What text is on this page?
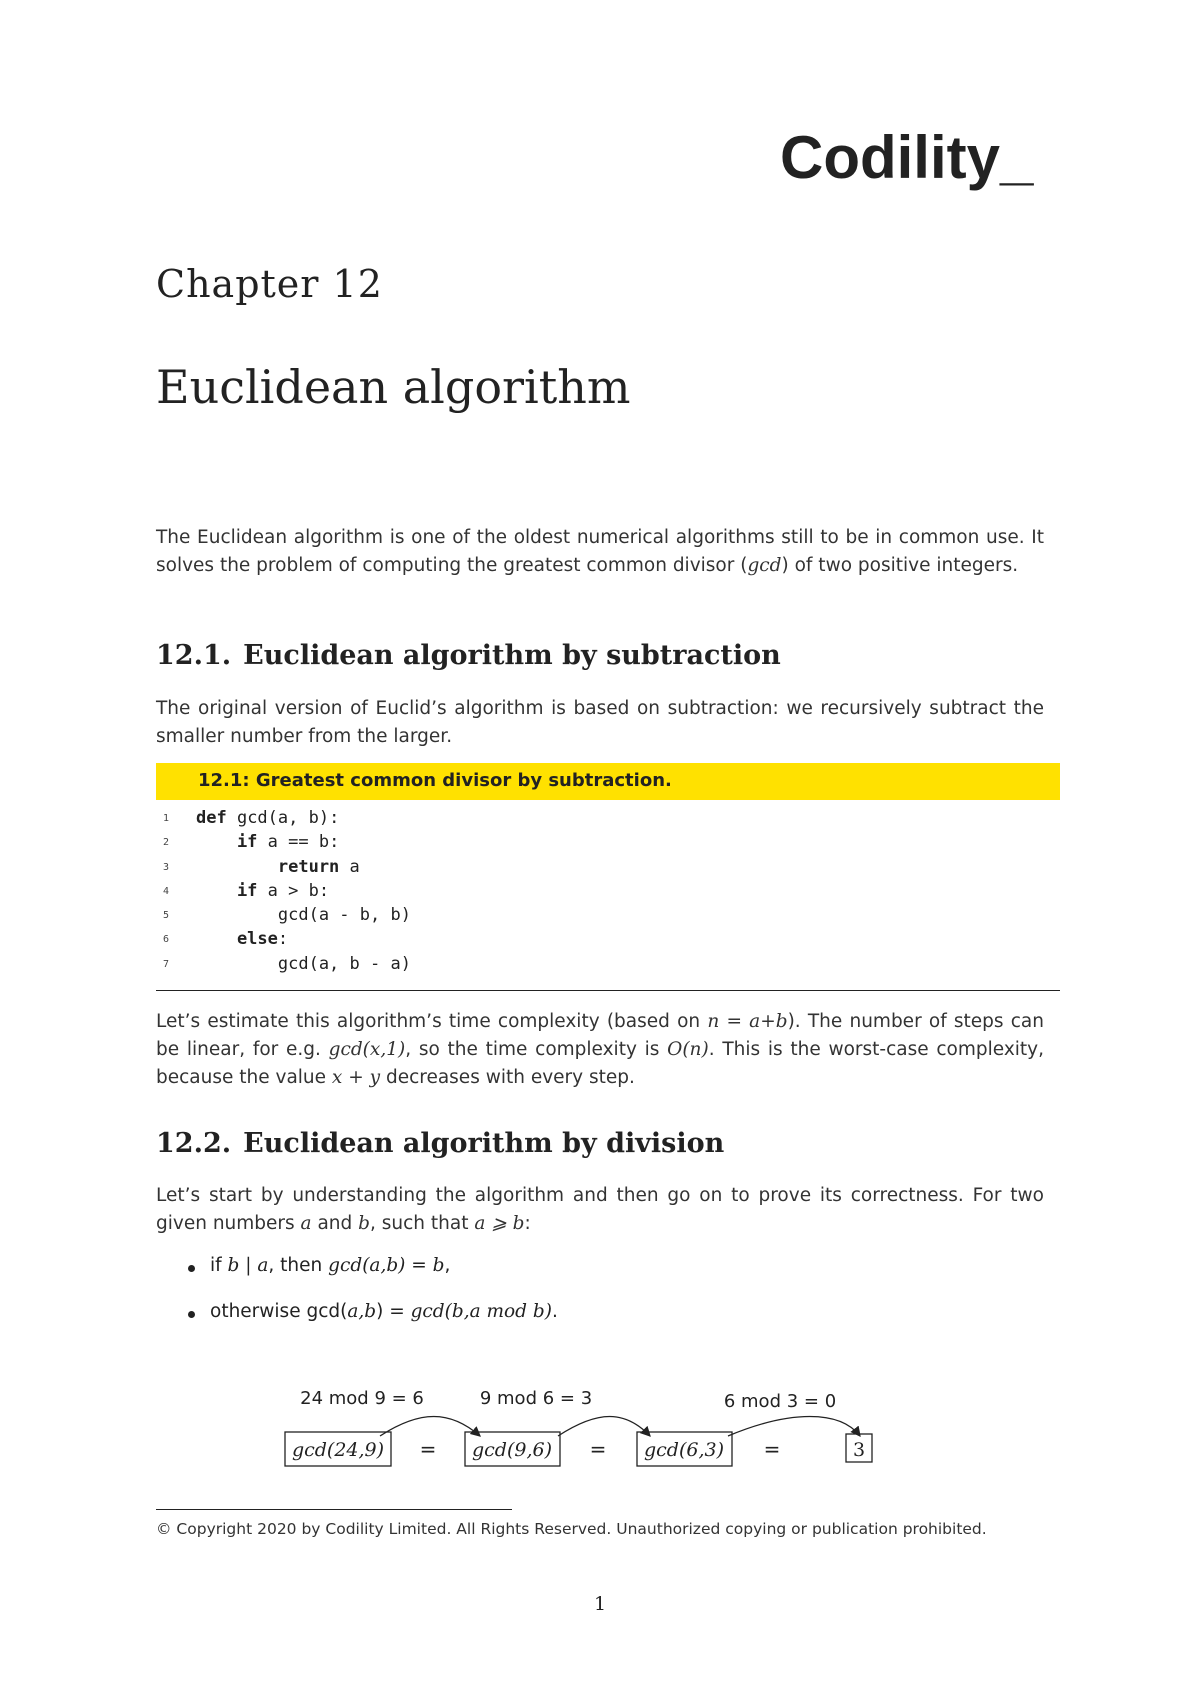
Codility_
Chapter 12
Euclidean algorithm
The Euclidean algorithm is one of the oldest numerical algorithms still to be in common use. It solves the problem of computing the greatest common divisor (gcd) of two positive integers.
12.1. Euclidean algorithm by subtraction
The original version of Euclid’s algorithm is based on subtraction: we recursively subtract the smaller number from the larger.
12.1: Greatest common divisor by subtraction.
1	def gcd(a, b):
2	if a == b:
3	return a
4	if a > b:
5	gcd(a - b, b)
6	else:
7	gcd(a, b - a)
Let’s estimate this algorithm’s time complexity (based on n = a+b). The number of steps can be linear, for e.g. gcd(x,1), so the time complexity is O(n). This is the worst-case complexity, because the value x + y decreases with every step.
12.2. Euclidean algorithm by division
Let’s start by understanding the algorithm and then go on to prove its correctness. For two given numbers a and b, such that a ⩾ b:
if b | a, then gcd(a,b) = b,
otherwise gcd(a,b) = gcd(b,a mod b).
24 mod 9 = 6	9 mod 6 = 3	6 mod 3 = 0
gcd(24,9)	gcd(9,6)	gcd(6,3)	3
=	=	=
© Copyright 2020 by Codility Limited. All Rights Reserved. Unauthorized copying or publication prohibited.
1
